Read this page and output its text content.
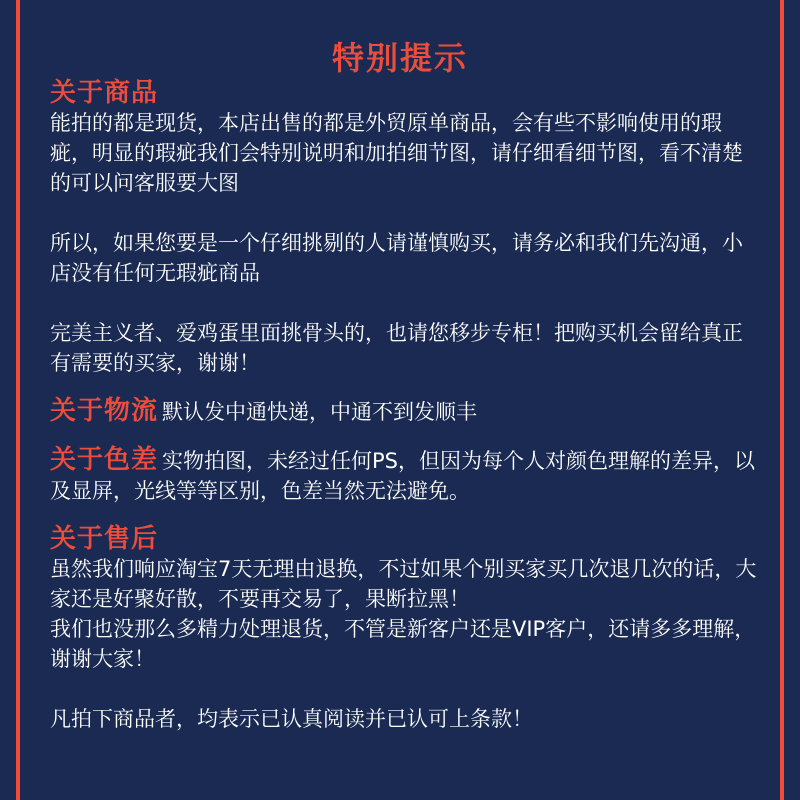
特别提示
关于商品

能拍的都是现货，本店出售的都是外贸原单商品，会有些不影响使用的瑕疵，明显的瑕疵我们会特别说明和加拍细节图，请仔细看细节图，看不清楚的可以问客服要大图

所以，如果您要是一个仔细挑剔的人请谨慎购买，请务必和我们先沟通，小店没有任何无瑕疵商品

完美主义者、爱鸡蛋里面挑骨头的，也请您移步专柜！把购买机会留给真正有需要的买家，谢谢！

关于物流 默认发中通快递，中通不到发顺丰
关于色差 实物拍图，未经过任何PS，但因为每个人对颜色理解的差异，以及显屏，光线等等区别，色差当然无法避免。
关于售后

虽然我们响应淘宝7天无理由退换，不过如果个别买家买几次退几次的话，大家还是好聚好散，不要再交易了，果断拉黑！

我们也没那么多精力处理退货，不管是新客户还是VIP客户，还请多多理解，谢谢大家！

凡拍下商品者，均表示已认真阅读并已认可上条款！
